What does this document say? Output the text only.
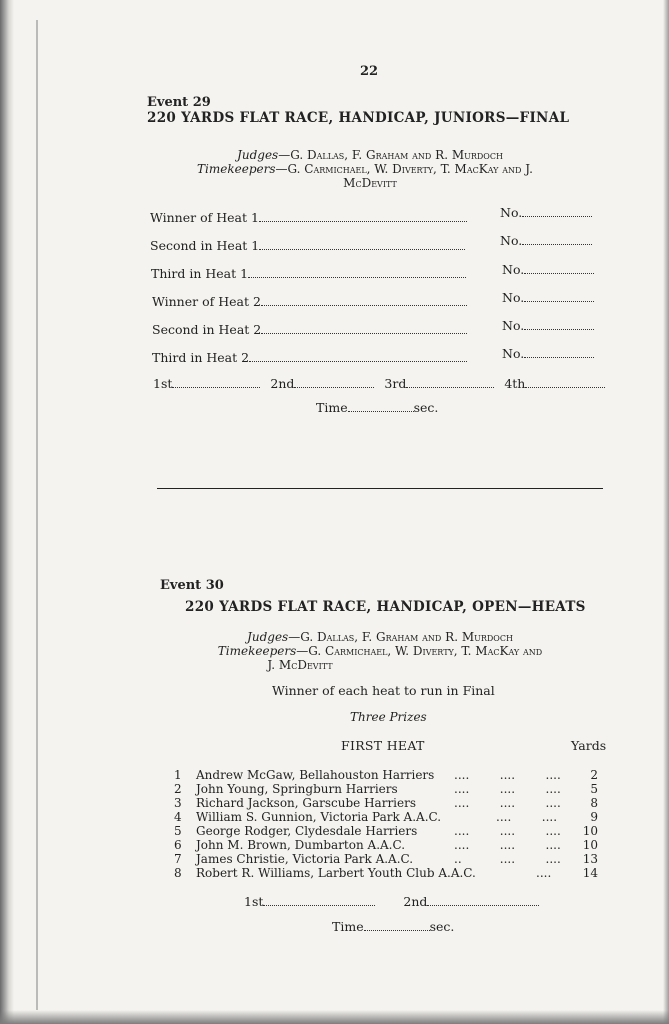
22
Event 29
220 YARDS FLAT RACE, HANDICAP, JUNIORS—FINAL
Judges—G. Dallas, F. Graham and R. Murdoch
Timekeepers—G. Carmichael, W. Diverty, T. MacKay and J.
McDevitt
Winner of Heat 1	No.
Second in Heat 1	No.
Third in Heat 1	No.
Winner of Heat 2	No.
Second in Heat 2	No.
Third in Heat 2	No.
1st	2nd	3rd	4th
Time	sec.
Event 30
220 YARDS FLAT RACE, HANDICAP, OPEN—HEATS
Judges—G. Dallas, F. Graham and R. Murdoch
Timekeepers—G. Carmichael, W. Diverty, T. MacKay and
J. McDevitt
Winner of each heat to run in Final
Three Prizes
FIRST HEAT	Yards
1	Andrew McGaw, Bellahouston Harriers ....        ....        ....	2
2	John Young, Springburn Harriers	....        ....        ....	5
3	Richard Jackson, Garscube Harriers	....        ....        ....	8
4	William S. Gunnion, Victoria Park A.A.C.	....        ....	9
5	George Rodger, Clydesdale Harriers	....        ....        ....	10
6	John M. Brown, Dumbarton A.A.C.	....        ....        ....	10
7	James Christie, Victoria Park A.A.C.	..          ....        ....	13
8	Robert R. Williams, Larbert Youth Club A.A.C.	....	14
1st	2nd
Time	sec.
